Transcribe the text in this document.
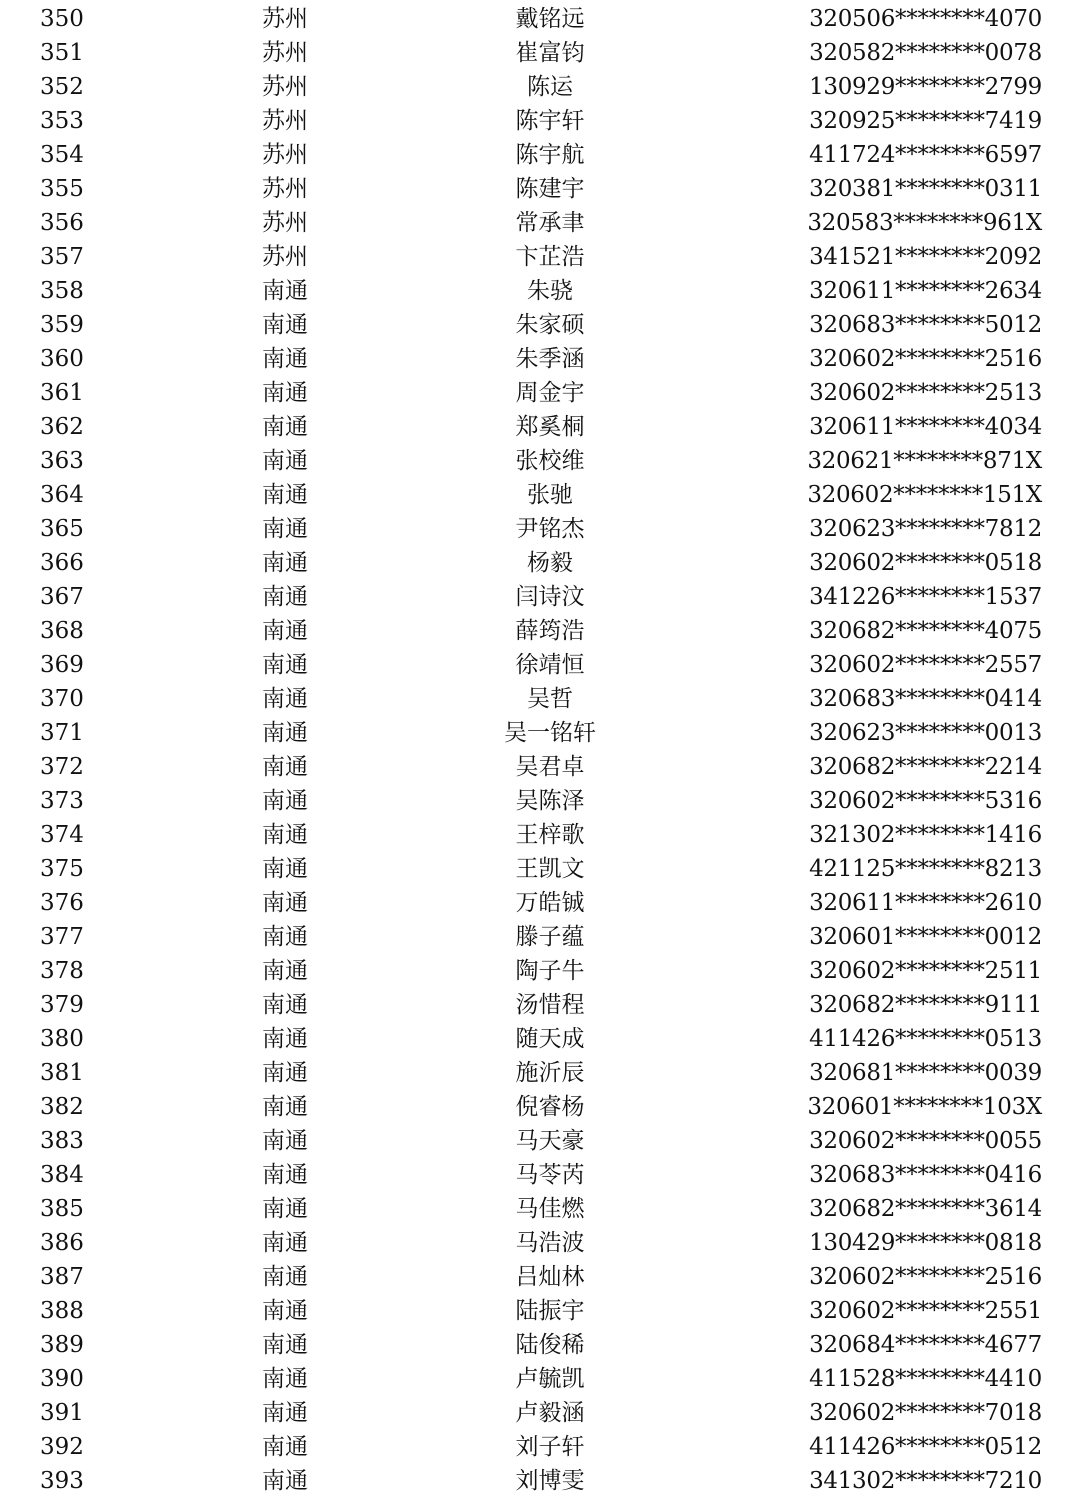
350	苏州	戴铭远	320506********4070
351	苏州	崔富钧	320582********0078
352	苏州	陈运	130929********2799
353	苏州	陈宇轩	320925********7419
354	苏州	陈宇航	411724********6597
355	苏州	陈建宇	320381********0311
356	苏州	常承聿	320583********961X
357	苏州	卞芷浩	341521********2092
358	南通	朱骁	320611********2634
359	南通	朱家硕	320683********5012
360	南通	朱季涵	320602********2516
361	南通	周金宇	320602********2513
362	南通	郑奚桐	320611********4034
363	南通	张校维	320621********871X
364	南通	张驰	320602********151X
365	南通	尹铭杰	320623********7812
366	南通	杨毅	320602********0518
367	南通	闫诗汶	341226********1537
368	南通	薛筠浩	320682********4075
369	南通	徐靖恒	320602********2557
370	南通	吴哲	320683********0414
371	南通	吴一铭轩	320623********0013
372	南通	吴君卓	320682********2214
373	南通	吴陈泽	320602********5316
374	南通	王梓歌	321302********1416
375	南通	王凯文	421125********8213
376	南通	万皓铖	320611********2610
377	南通	滕子蕴	320601********0012
378	南通	陶子牛	320602********2511
379	南通	汤惜程	320682********9111
380	南通	随天成	411426********0513
381	南通	施沂辰	320681********0039
382	南通	倪睿杨	320601********103X
383	南通	马天豪	320602********0055
384	南通	马苓芮	320683********0416
385	南通	马佳燃	320682********3614
386	南通	马浩波	130429********0818
387	南通	吕灿林	320602********2516
388	南通	陆振宇	320602********2551
389	南通	陆俊稀	320684********4677
390	南通	卢毓凯	411528********4410
391	南通	卢毅涵	320602********7018
392	南通	刘子轩	411426********0512
393	南通	刘博雯	341302********7210
